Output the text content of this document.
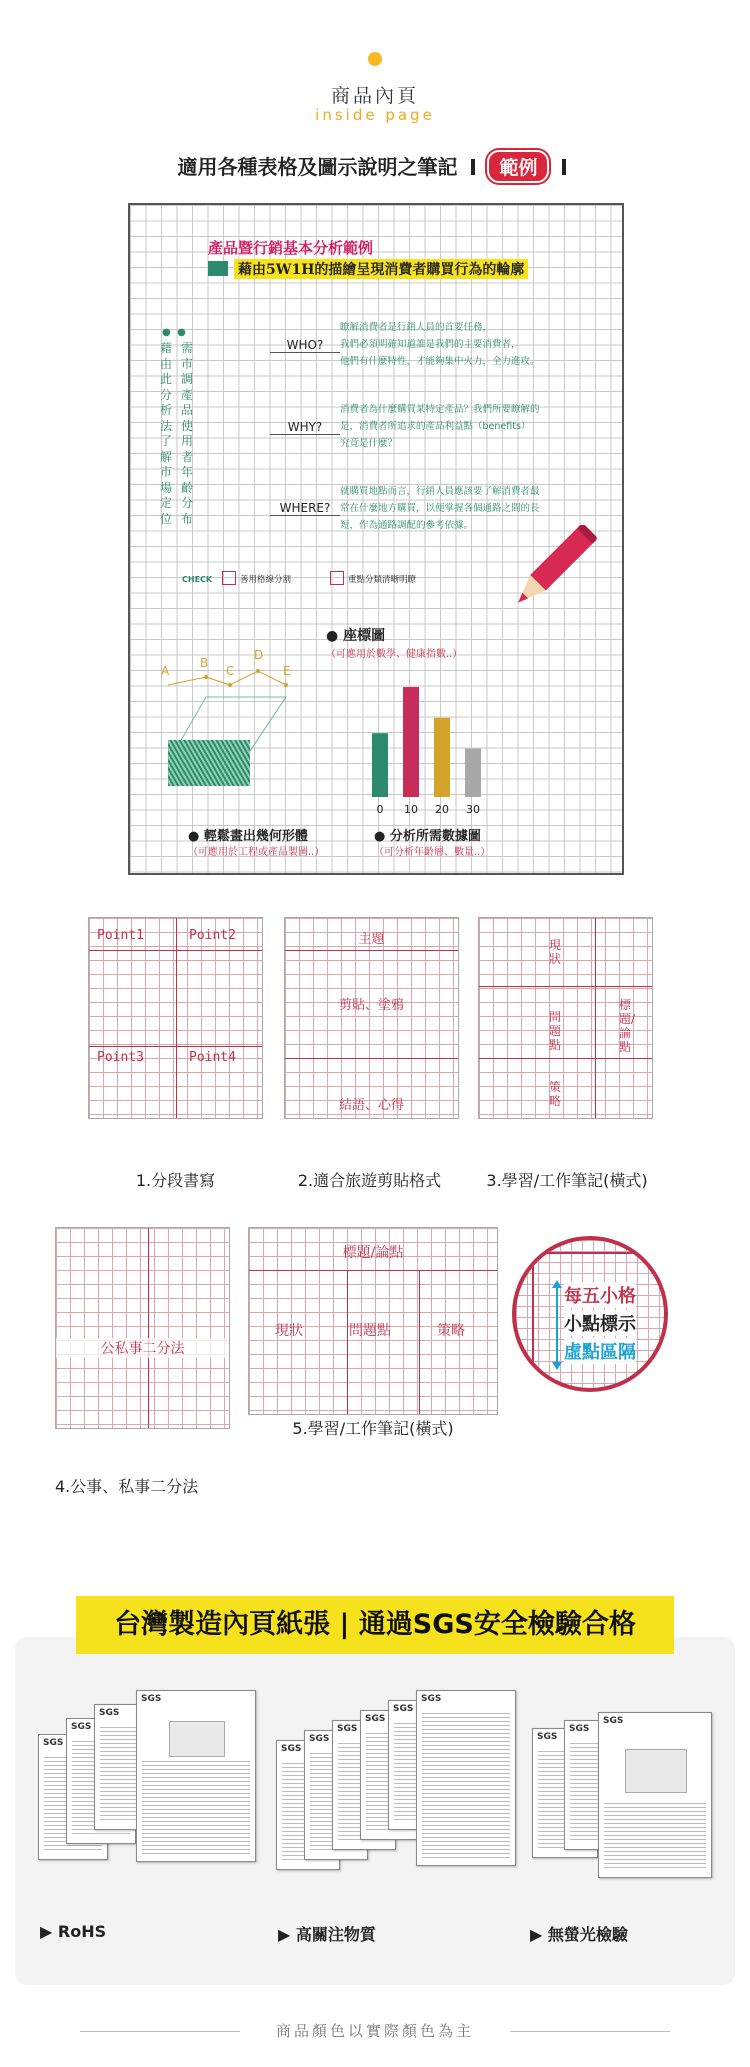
商品內頁
inside page
適用各種表格及圖示說明之筆記 範例
產品暨行銷基本分析範例
藉由5W1H的描繪呈現消費者購買行為的輪廓
藉由此分析法了解市場定位
需市調產品使用者年齡分布
●  ●
WHO?
瞭解消費者是行銷人員的首要任務，
我們必須明確知道誰是我們的主要消費者，
他們有什麼特性，才能夠集中火力，全力進攻。
WHY?
消費者為什麼購買某特定產品？我們所要瞭解的
是，消費者所追求的產品利益點（benefits）
究竟是什麼？
WHERE?
就購買地點而言，行銷人員應該要了解消費者最
常在什麼地方購買，以便掌握各個通路之間的長
短，作為通路調配的參考依據。
CHECK	善用格線分割	重點分類清晰明瞭
A
B
C
D
E
● 座標圖
（可應用於數學、健康指數..）
0 10 20 30
● 輕鬆畫出幾何形體
（可應用於工程或產品製圖..）
● 分析所需數據圖
（可分析年齡層、數量..）
Point1	Point2
Point3	Point4
1.分段書寫
主題
剪貼、塗鴉
結語、心得
2.適合旅遊剪貼格式
現狀
問題點
策略
標題/論點
3.學習/工作筆記(橫式)
公私事二分法
4.公事、私事二分法
標題/論點
現狀	問題點	策略
5.學習/工作筆記(橫式)
每五小格
小點標示
虛點區隔
台灣製造內頁紙張 | 通過SGS安全檢驗合格
SGS
SGS
SGS
SGS
▶ RoHS
SGS
SGS
SGS
SGS
SGS
SGS
▶ 高關注物質
SGS
SGS
SGS
▶ 無螢光檢驗
商品顏色以實際顏色為主
